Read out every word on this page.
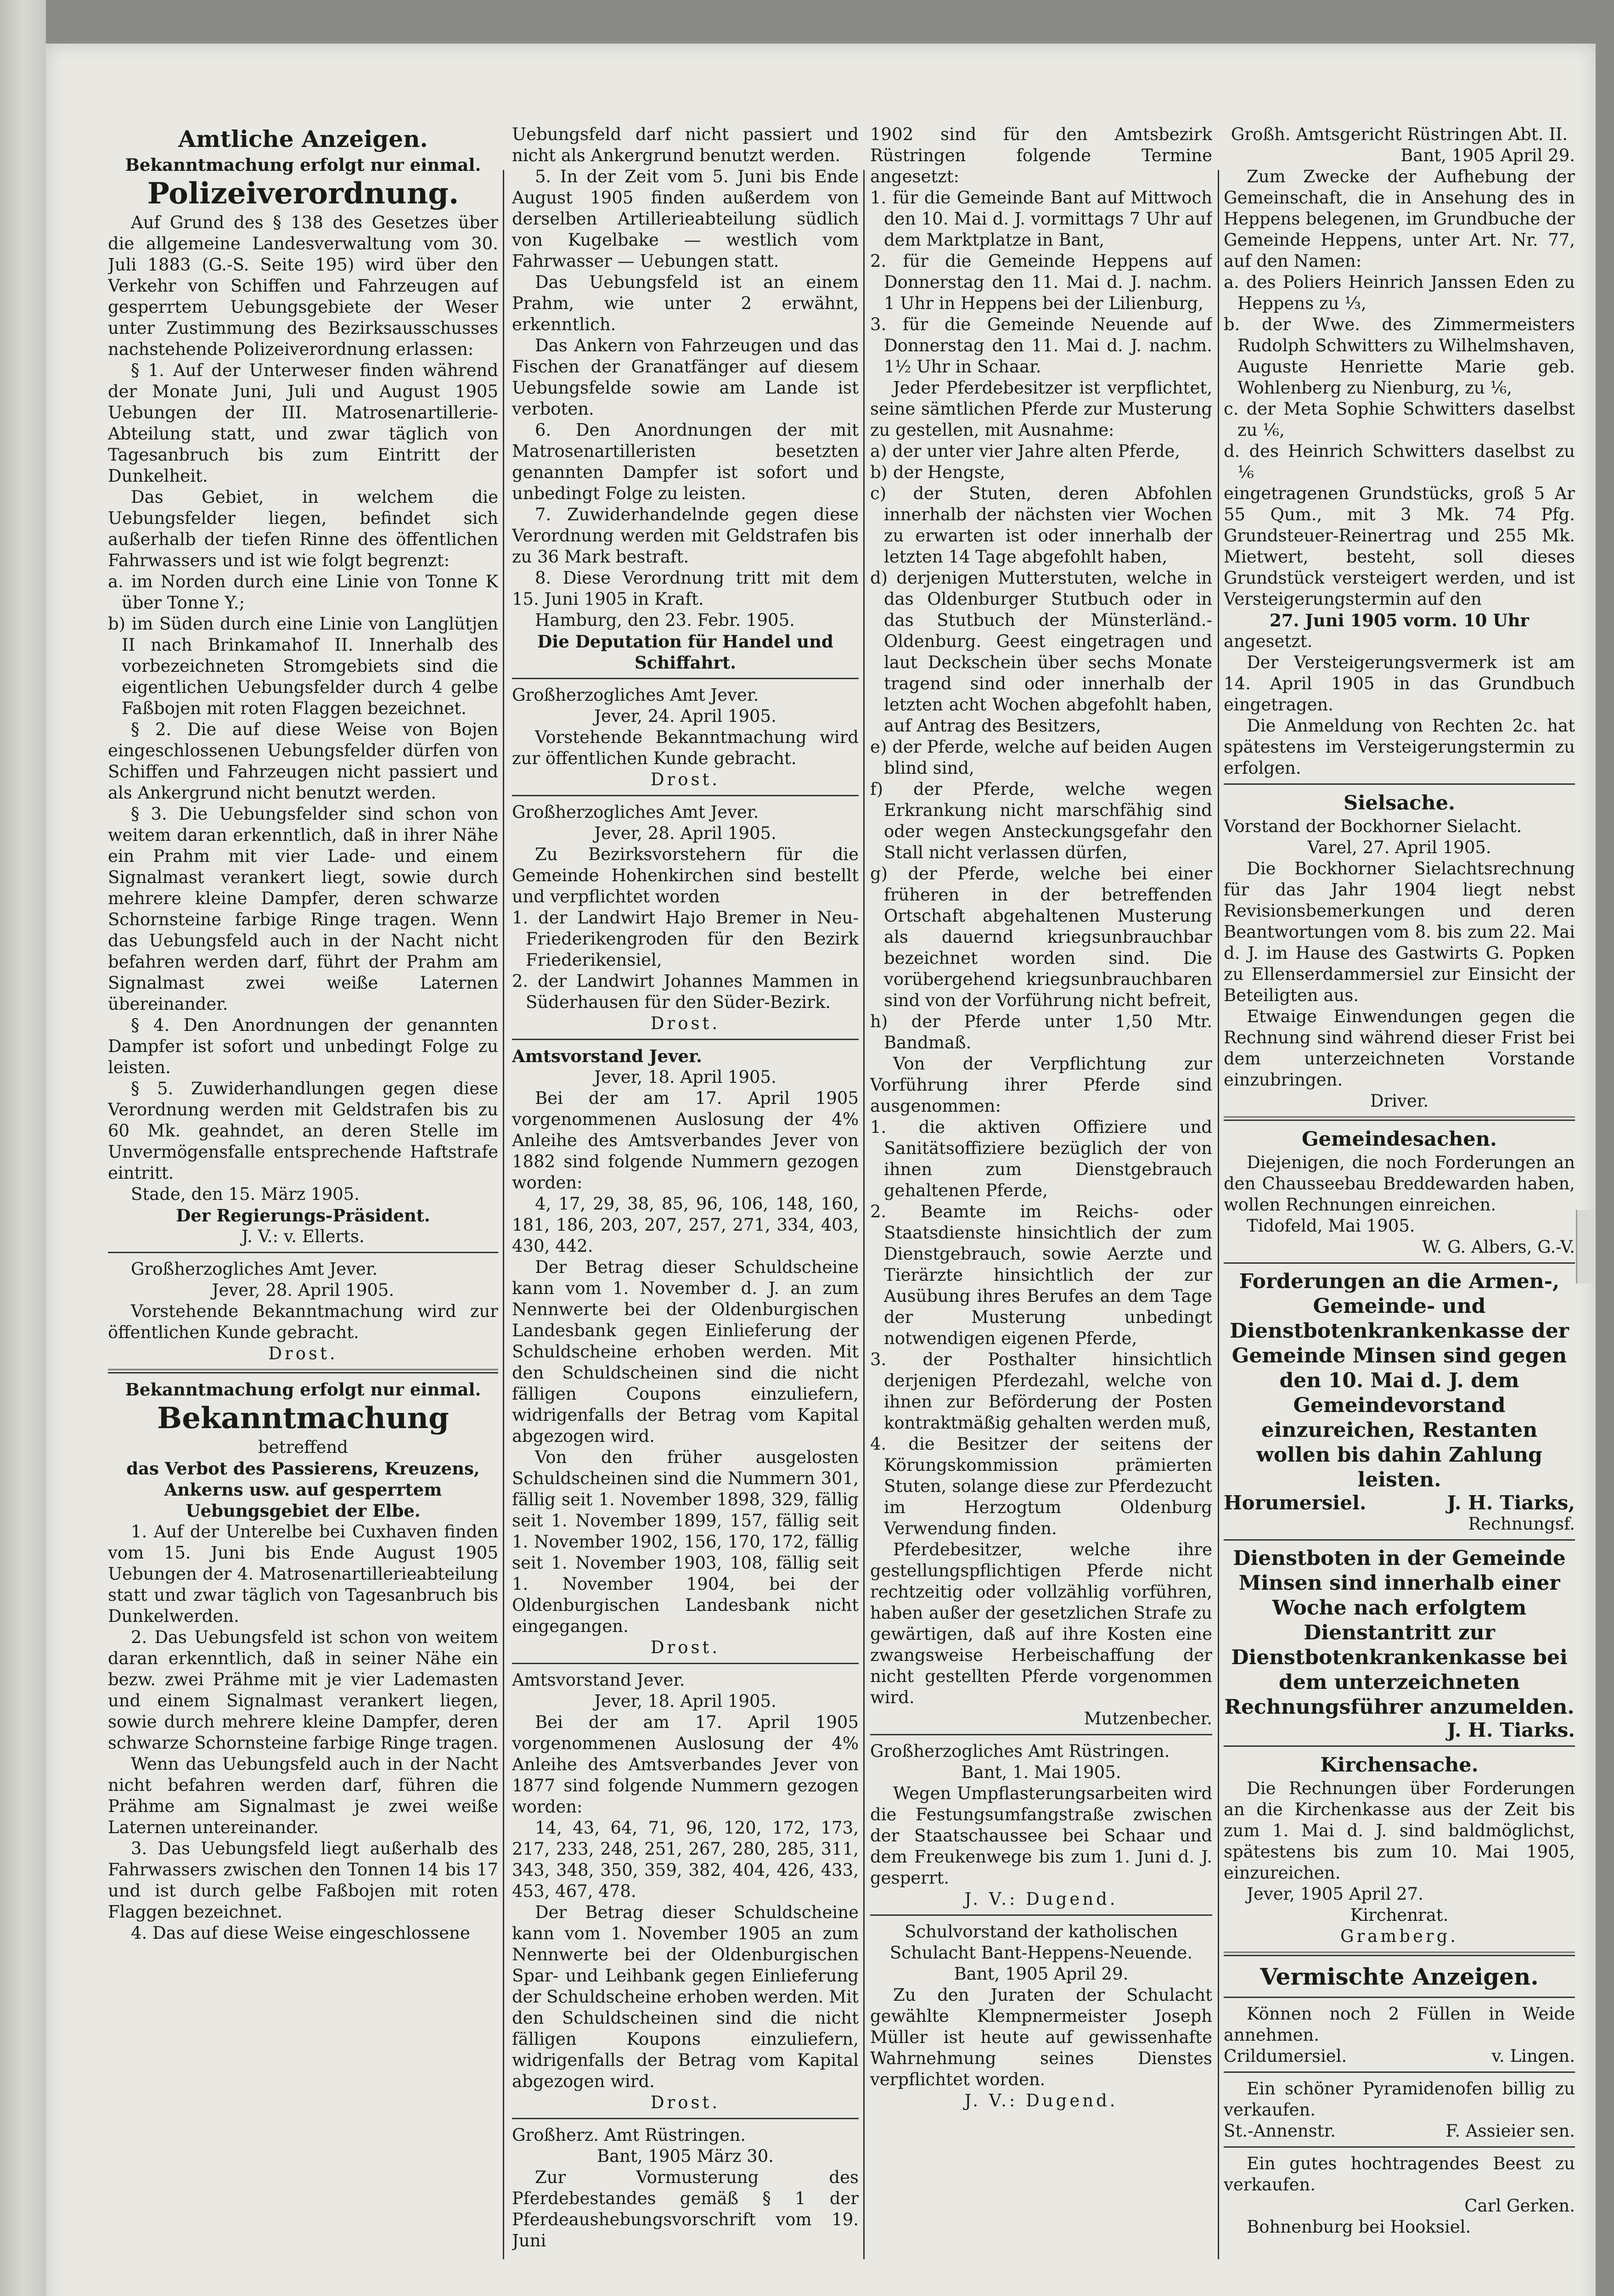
Amtliche Anzeigen.
Bekanntmachung erfolgt nur einmal.
Polizeiverordnung.

Auf Grund des § 138 des Gesetzes über die allgemeine Landesverwaltung vom 30. Juli 1883 (G.-S. Seite 195) wird über den Verkehr von Schiffen und Fahrzeugen auf gesperrtem Uebungsgebiete der Weser unter Zustimmung des Bezirksausschusses nachstehende Polizeiverordnung erlassen:

§ 1. Auf der Unterweser finden während der Monate Juni, Juli und August 1905 Uebungen der III. Matrosenartillerie-Abteilung statt, und zwar täglich von Tagesanbruch bis zum Eintritt der Dunkelheit.

Das Gebiet, in welchem die Uebungsfelder liegen, befindet sich außerhalb der tiefen Rinne des öffentlichen Fahrwassers und ist wie folgt begrenzt:

a. im Norden durch eine Linie von Tonne K über Tonne Y.;

b) im Süden durch eine Linie von Langlütjen II nach Brinkamahof II. Innerhalb des vorbezeichneten Stromgebiets sind die eigentlichen Uebungsfelder durch 4 gelbe Faßbojen mit roten Flaggen bezeichnet.

§ 2. Die auf diese Weise von Bojen eingeschlossenen Uebungsfelder dürfen von Schiffen und Fahrzeugen nicht passiert und als Ankergrund nicht benutzt werden.

§ 3. Die Uebungsfelder sind schon von weitem daran erkenntlich, daß in ihrer Nähe ein Prahm mit vier Lade- und einem Signalmast verankert liegt, sowie durch mehrere kleine Dampfer, deren schwarze Schornsteine farbige Ringe tragen. Wenn das Uebungsfeld auch in der Nacht nicht befahren werden darf, führt der Prahm am Signalmast zwei weiße Laternen übereinander.

§ 4. Den Anordnungen der genannten Dampfer ist sofort und unbedingt Folge zu leisten.

§ 5. Zuwiderhandlungen gegen diese Verordnung werden mit Geldstrafen bis zu 60 Mk. geahndet, an deren Stelle im Unvermögensfalle entsprechende Haftstrafe eintritt.

Stade, den 15. März 1905.

Der Regierungs-Präsident.
J. V.: v. Ellerts.

Großherzogliches Amt Jever.

Jever, 28. April 1905.

Vorstehende Bekanntmachung wird zur öffentlichen Kunde gebracht.

Drost.
Bekanntmachung erfolgt nur einmal.
Bekanntmachung
betreffend
das Verbot des Passierens, Kreuzens, Ankerns usw. auf gesperrtem Uebungsgebiet der Elbe.

1. Auf der Unterelbe bei Cuxhaven finden vom 15. Juni bis Ende August 1905 Uebungen der 4. Matrosenartillerieabteilung statt und zwar täglich von Tagesanbruch bis Dunkelwerden.

2. Das Uebungsfeld ist schon von weitem daran erkenntlich, daß in seiner Nähe ein bezw. zwei Prähme mit je vier Lademasten und einem Signalmast verankert liegen, sowie durch mehrere kleine Dampfer, deren schwarze Schornsteine farbige Ringe tragen.

Wenn das Uebungsfeld auch in der Nacht nicht befahren werden darf, führen die Prähme am Signalmast je zwei weiße Laternen untereinander.

3. Das Uebungsfeld liegt außerhalb des Fahrwassers zwischen den Tonnen 14 bis 17 und ist durch gelbe Faßbojen mit roten Flaggen bezeichnet.

4. Das auf diese Weise eingeschlossene

Uebungsfeld darf nicht passiert und nicht als Ankergrund benutzt werden.

5. In der Zeit vom 5. Juni bis Ende August 1905 finden außerdem von derselben Artillerieabteilung südlich von Kugelbake — westlich vom Fahrwasser — Uebungen statt.

Das Uebungsfeld ist an einem Prahm, wie unter 2 erwähnt, erkenntlich.

Das Ankern von Fahrzeugen und das Fischen der Granatfänger auf diesem Uebungsfelde sowie am Lande ist verboten.

6. Den Anordnungen der mit Matrosenartilleristen besetzten genannten Dampfer ist sofort und unbedingt Folge zu leisten.

7. Zuwiderhandelnde gegen diese Verordnung werden mit Geldstrafen bis zu 36 Mark bestraft.

8. Diese Verordnung tritt mit dem 15. Juni 1905 in Kraft.

Hamburg, den 23. Febr. 1905.

Die Deputation für Handel und Schiffahrt.

Großherzogliches Amt Jever.

Jever, 24. April 1905.

Vorstehende Bekanntmachung wird zur öffentlichen Kunde gebracht.

Drost.

Großherzogliches Amt Jever.

Jever, 28. April 1905.

Zu Bezirksvorstehern für die Gemeinde Hohenkirchen sind bestellt und verpflichtet worden

1. der Landwirt Hajo Bremer in Neu-Friederikengroden für den Bezirk Friederikensiel,

2. der Landwirt Johannes Mammen in Süderhausen für den Süder-Bezirk.

Drost.

Amtsvorstand Jever.

Jever, 18. April 1905.

Bei der am 17. April 1905 vorgenommenen Auslosung der 4% Anleihe des Amtsverbandes Jever von 1882 sind folgende Nummern gezogen worden:

4, 17, 29, 38, 85, 96, 106, 148, 160, 181, 186, 203, 207, 257, 271, 334, 403, 430, 442.

Der Betrag dieser Schuldscheine kann vom 1. November d. J. an zum Nennwerte bei der Oldenburgischen Landesbank gegen Einlieferung der Schuldscheine erhoben werden. Mit den Schuldscheinen sind die nicht fälligen Coupons einzuliefern, widrigenfalls der Betrag vom Kapital abgezogen wird.

Von den früher ausgelosten Schuldscheinen sind die Nummern 301, fällig seit 1. November 1898, 329, fällig seit 1. November 1899, 157, fällig seit 1. November 1902, 156, 170, 172, fällig seit 1. November 1903, 108, fällig seit 1. November 1904, bei der Oldenburgischen Landesbank nicht eingegangen.

Drost.

Amtsvorstand Jever.

Jever, 18. April 1905.

Bei der am 17. April 1905 vorgenommenen Auslosung der 4% Anleihe des Amtsverbandes Jever von 1877 sind folgende Nummern gezogen worden:

14, 43, 64, 71, 96, 120, 172, 173, 217, 233, 248, 251, 267, 280, 285, 311, 343, 348, 350, 359, 382, 404, 426, 433, 453, 467, 478.

Der Betrag dieser Schuldscheine kann vom 1. November 1905 an zum Nennwerte bei der Oldenburgischen Spar- und Leihbank gegen Einlieferung der Schuldscheine erhoben werden. Mit den Schuldscheinen sind die nicht fälligen Koupons einzuliefern, widrigenfalls der Betrag vom Kapital abgezogen wird.

Drost.

Großherz. Amt Rüstringen.

Bant, 1905 März 30.

Zur Vormusterung des Pferdebestandes gemäß § 1 der Pferdeaushebungsvorschrift vom 19. Juni

1902 sind für den Amtsbezirk Rüstringen folgende Termine angesetzt:

1. für die Gemeinde Bant auf Mittwoch den 10. Mai d. J. vormittags 7 Uhr auf dem Marktplatze in Bant,

2. für die Gemeinde Heppens auf Donnerstag den 11. Mai d. J. nachm. 1 Uhr in Heppens bei der Lilienburg,

3. für die Gemeinde Neuende auf Donnerstag den 11. Mai d. J. nachm. 1½ Uhr in Schaar.

Jeder Pferdebesitzer ist verpflichtet, seine sämtlichen Pferde zur Musterung zu gestellen, mit Ausnahme:

a) der unter vier Jahre alten Pferde,

b) der Hengste,

c) der Stuten, deren Abfohlen innerhalb der nächsten vier Wochen zu erwarten ist oder innerhalb der letzten 14 Tage abgefohlt haben,

d) derjenigen Mutterstuten, welche in das Oldenburger Stutbuch oder in das Stutbuch der Münsterländ.-Oldenburg. Geest eingetragen und laut Deckschein über sechs Monate tragend sind oder innerhalb der letzten acht Wochen abgefohlt haben, auf Antrag des Besitzers,

e) der Pferde, welche auf beiden Augen blind sind,

f) der Pferde, welche wegen Erkrankung nicht marschfähig sind oder wegen Ansteckungsgefahr den Stall nicht verlassen dürfen,

g) der Pferde, welche bei einer früheren in der betreffenden Ortschaft abgehaltenen Musterung als dauernd kriegsunbrauchbar bezeichnet worden sind. Die vorübergehend kriegsunbrauchbaren sind von der Vorführung nicht befreit,

h) der Pferde unter 1,50 Mtr. Bandmaß.

Von der Verpflichtung zur Vorführung ihrer Pferde sind ausgenommen:

1. die aktiven Offiziere und Sanitätsoffiziere bezüglich der von ihnen zum Dienstgebrauch gehaltenen Pferde,

2. Beamte im Reichs- oder Staatsdienste hinsichtlich der zum Dienstgebrauch, sowie Aerzte und Tierärzte hinsichtlich der zur Ausübung ihres Berufes an dem Tage der Musterung unbedingt notwendigen eigenen Pferde,

3. der Posthalter hinsichtlich derjenigen Pferdezahl, welche von ihnen zur Beförderung der Posten kontraktmäßig gehalten werden muß,

4. die Besitzer der seitens der Körungskommission prämierten Stuten, solange diese zur Pferdezucht im Herzogtum Oldenburg Verwendung finden.

Pferdebesitzer, welche ihre gestellungspflichtigen Pferde nicht rechtzeitig oder vollzählig vorführen, haben außer der gesetzlichen Strafe zu gewärtigen, daß auf ihre Kosten eine zwangsweise Herbeischaffung der nicht gestellten Pferde vorgenommen wird.

Mutzenbecher.

Großherzogliches Amt Rüstringen.

Bant, 1. Mai 1905.

Wegen Umpflasterungsarbeiten wird die Festungsumfangstraße zwischen der Staatschaussee bei Schaar und dem Freukenwege bis zum 1. Juni d. J. gesperrt.

J. V.: Dugend.

Schulvorstand der katholischen Schulacht Bant-Heppens-Neuende.

Bant, 1905 April 29.

Zu den Juraten der Schulacht gewählte Klempnermeister Joseph Müller ist heute auf gewissenhafte Wahrnehmung seines Dienstes verpflichtet worden.

J. V.: Dugend.

Großh. Amtsgericht Rüstringen Abt. II.

Bant, 1905 April 29.

Zum Zwecke der Aufhebung der Gemeinschaft, die in Ansehung des in Heppens belegenen, im Grundbuche der Gemeinde Heppens, unter Art. Nr. 77, auf den Namen:

a. des Poliers Heinrich Janssen Eden zu Heppens zu ⅓,

b. der Wwe. des Zimmermeisters Rudolph Schwitters zu Wilhelmshaven, Auguste Henriette Marie geb. Wohlenberg zu Nienburg, zu ⅙,

c. der Meta Sophie Schwitters daselbst zu ⅙,

d. des Heinrich Schwitters daselbst zu ⅙

eingetragenen Grundstücks, groß 5 Ar 55 Qum., mit 3 Mk. 74 Pfg. Grundsteuer-Reinertrag und 255 Mk. Mietwert, besteht, soll dieses Grundstück versteigert werden, und ist Versteigerungstermin auf den

27. Juni 1905 vorm. 10 Uhr

angesetzt.

Der Versteigerungsvermerk ist am 14. April 1905 in das Grundbuch eingetragen.

Die Anmeldung von Rechten 2c. hat spätestens im Versteigerungstermin zu erfolgen.

Sielsache.

Vorstand der Bockhorner Sielacht.

Varel, 27. April 1905.

Die Bockhorner Sielachtsrechnung für das Jahr 1904 liegt nebst Revisionsbemerkungen und deren Beantwortungen vom 8. bis zum 22. Mai d. J. im Hause des Gastwirts G. Popken zu Ellenserdammersiel zur Einsicht der Beteiligten aus.

Etwaige Einwendungen gegen die Rechnung sind während dieser Frist bei dem unterzeichneten Vorstande einzubringen.

Driver.
Gemeindesachen.

Diejenigen, die noch Forderungen an den Chausseebau Breddewarden haben, wollen Rechnungen einreichen.

Tidofeld, Mai 1905.

W. G. Albers, G.-V.
Forderungen an die Armen-, Gemeinde- und Dienstbotenkrankenkasse der Gemeinde Minsen sind gegen den 10. Mai d. J. dem Gemeindevorstand einzureichen, Restanten wollen bis dahin Zahlung leisten.
Horumersiel.	J. H. Tiarks,
Rechnungsf.
Dienstboten in der Gemeinde Minsen sind innerhalb einer Woche nach erfolgtem Dienstantritt zur Dienstbotenkrankenkasse bei dem unterzeichneten Rechnungsführer anzumelden.
J. H. Tiarks.
Kirchensache.

Die Rechnungen über Forderungen an die Kirchenkasse aus der Zeit bis zum 1. Mai d. J. sind baldmöglichst, spätestens bis zum 10. Mai 1905, einzureichen.

Jever, 1905 April 27.

Kirchenrat.
Gramberg.
Vermischte Anzeigen.

Können noch 2 Füllen in Weide annehmen.

Crildumersiel.	v. Lingen.

Ein schöner Pyramidenofen billig zu verkaufen.

St.-Annenstr.	F. Assieier sen.

Ein gutes hochtragendes Beest zu verkaufen.

Carl Gerken.

Bohnenburg bei Hooksiel.
